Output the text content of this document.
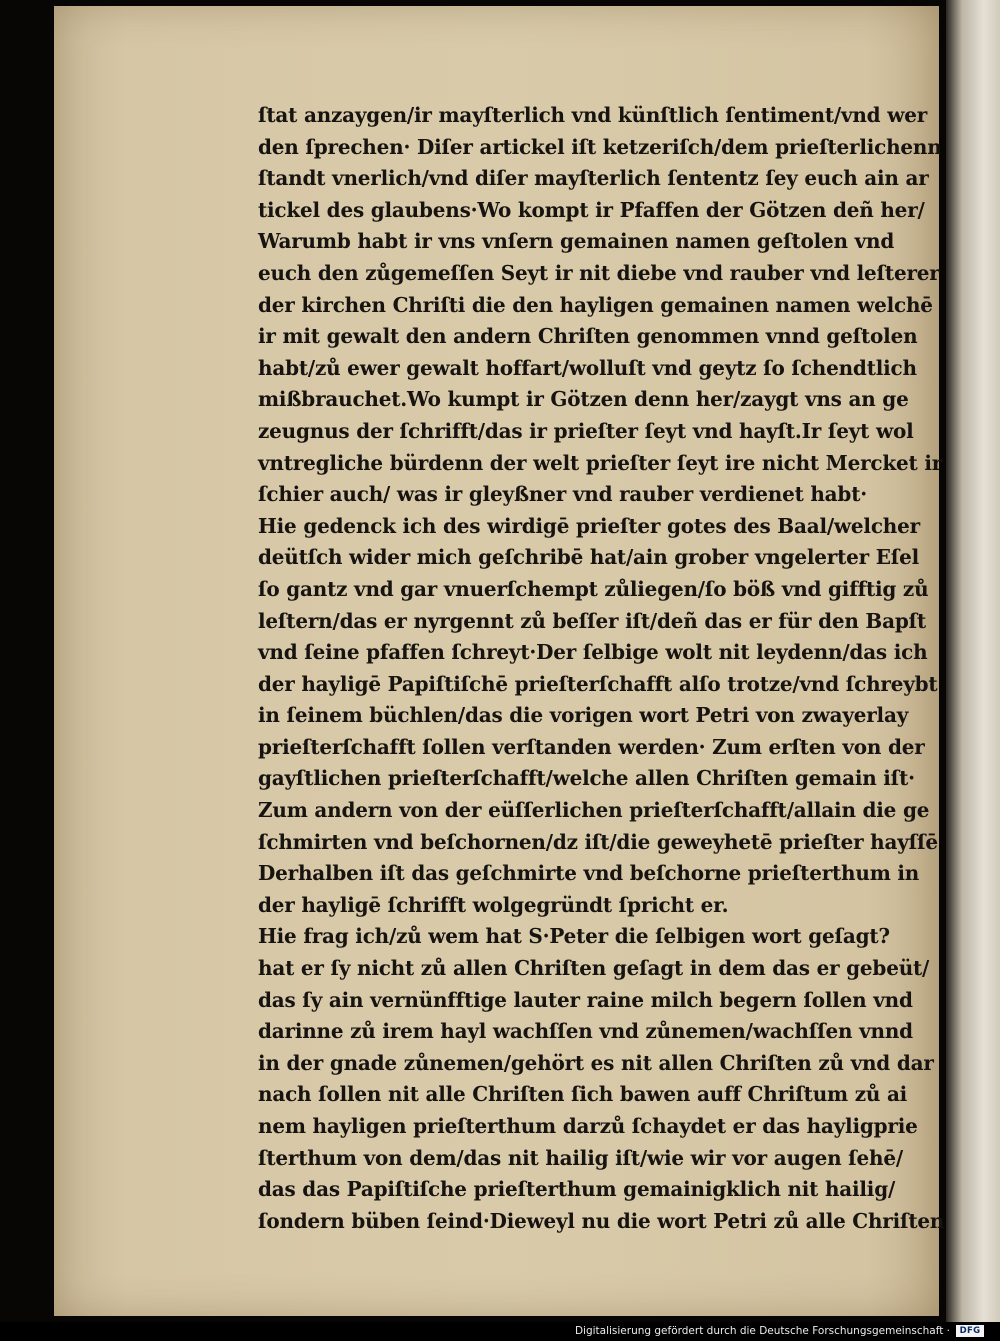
ſtat anzaygen/ir mayſterlich vnd künſtlich ſentiment/vnd wer
den ſprechen· Diſer artickel iſt ketzeriſch/dem prieſterlichenn
ſtandt vnerlich/vnd diſer mayſterlich ſententz ſey euch ain ar
tickel des glaubens·Wo kompt ir Pfaffen der Götzen deñ her/
Warumb habt ir vns vnſern gemainen namen geſtolen vnd
euch den zůgemeſſen Seyt ir nit diebe vnd rauber vnd leſterer
der kirchen Chriſti die den hayligen gemainen namen welchē
ir mit gewalt den andern Chriſten genommen vnnd geſtolen
habt/zů ewer gewalt hoffart/wolluſt vnd geytz ſo ſchendtlich
mißbrauchet.Wo kumpt ir Götzen denn her/zaygt vns an ge
zeugnus der ſchrifft/das ir prieſter ſeyt vnd hayſt.Ir ſeyt wol
vntregliche bürdenn der welt prieſter ſeyt ire nicht Mercket ir
ſchier auch/ was ir gleyßner vnd rauber verdienet habt·
Hie gedenck ich des wirdigē prieſter gotes des Baal/welcher
deütſch wider mich geſchribē hat/ain grober vngelerter Eſel
ſo gantz vnd gar vnuerſchempt zůliegen/ſo böß vnd gifftig zů
leſtern/das er nyrgennt zů beſſer iſt/deñ das er für den Bapſt
vnd ſeine pfaffen ſchreyt·Der ſelbige wolt nit leydenn/das ich
der hayligē Papiſtiſchē prieſterſchafft alſo trotze/vnd ſchreybt
in ſeinem büchlen/das die vorigen wort Petri von zwayerlay
prieſterſchafft ſollen verſtanden werden· Zum erſten von der
gayſtlichen prieſterſchafft/welche allen Chriſten gemain iſt·
Zum andern von der eüſſerlichen prieſterſchafft/allain die ge
ſchmirten vnd beſchornen/dz iſt/die geweyhetē prieſter hayſſē
Derhalben iſt das geſchmirte vnd beſchorne prieſterthum in
der hayligē ſchrifft wolgegründt ſpricht er.
Hie frag ich/zů wem hat S·Peter die ſelbigen wort geſagt?
hat er ſy nicht zů allen Chriſten geſagt in dem das er gebeüt/
das ſy ain vernünfftige lauter raine milch begern ſollen vnd
darinne zů irem hayl wachſſen vnd zůnemen/wachſſen vnnd
in der gnade zůnemen/gehört es nit allen Chriſten zů vnd dar
nach ſollen nit alle Chriſten ſich bawen auff Chriſtum zů ai
nem hayligen prieſterthum darzů ſchaydet er das hayligprie
ſterthum von dem/das nit hailig iſt/wie wir vor augen ſehē/
das das Papiſtiſche prieſterthum gemainigklich nit hailig/
ſondern büben ſeind·Dieweyl nu die wort Petri zů alle Chriſten
Digitalisierung gefördert durch die Deutsche Forschungsgemeinschaft ·	DFG
